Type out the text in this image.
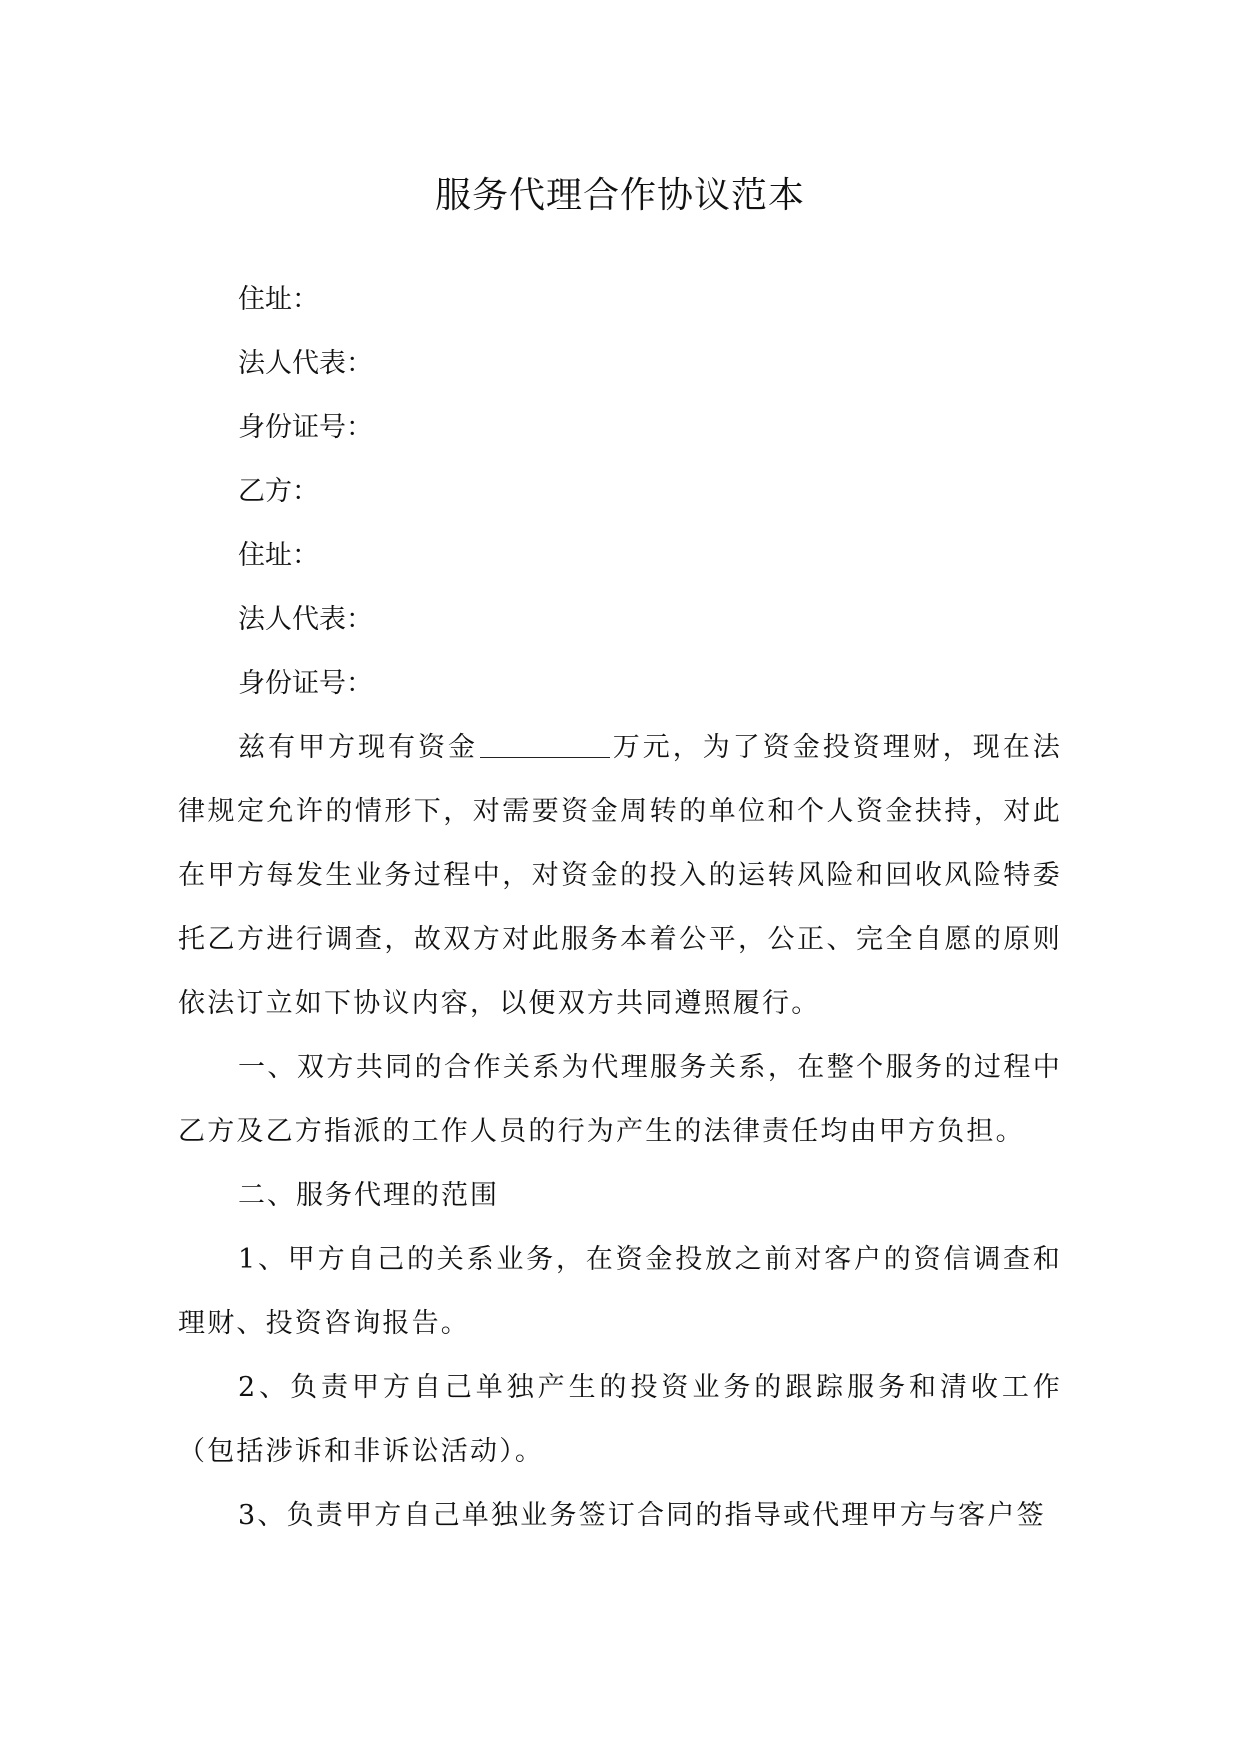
服务代理合作协议范本

住址：

法人代表：

身份证号：

乙方：

住址：

法人代表：

身份证号：

兹有甲方现有资金	万元，为了资金投资理财，现在法律规定允许的情形下，对需要资金周转的单位和个人资金扶持，对此在甲方每发生业务过程中，对资金的投入的运转风险和回收风险特委托乙方进行调查，故双方对此服务本着公平，公正、完全自愿的原则依法订立如下协议内容，以便双方共同遵照履行。

一、双方共同的合作关系为代理服务关系，在整个服务的过程中乙方及乙方指派的工作人员的行为产生的法律责任均由甲方负担。

二、服务代理的范围

1、甲方自己的关系业务，在资金投放之前对客户的资信调查和理财、投资咨询报告。

2、负责甲方自己单独产生的投资业务的跟踪服务和清收工作（包括涉诉和非诉讼活动）。

3、负责甲方自己单独业务签订合同的指导或代理甲方与客户签
